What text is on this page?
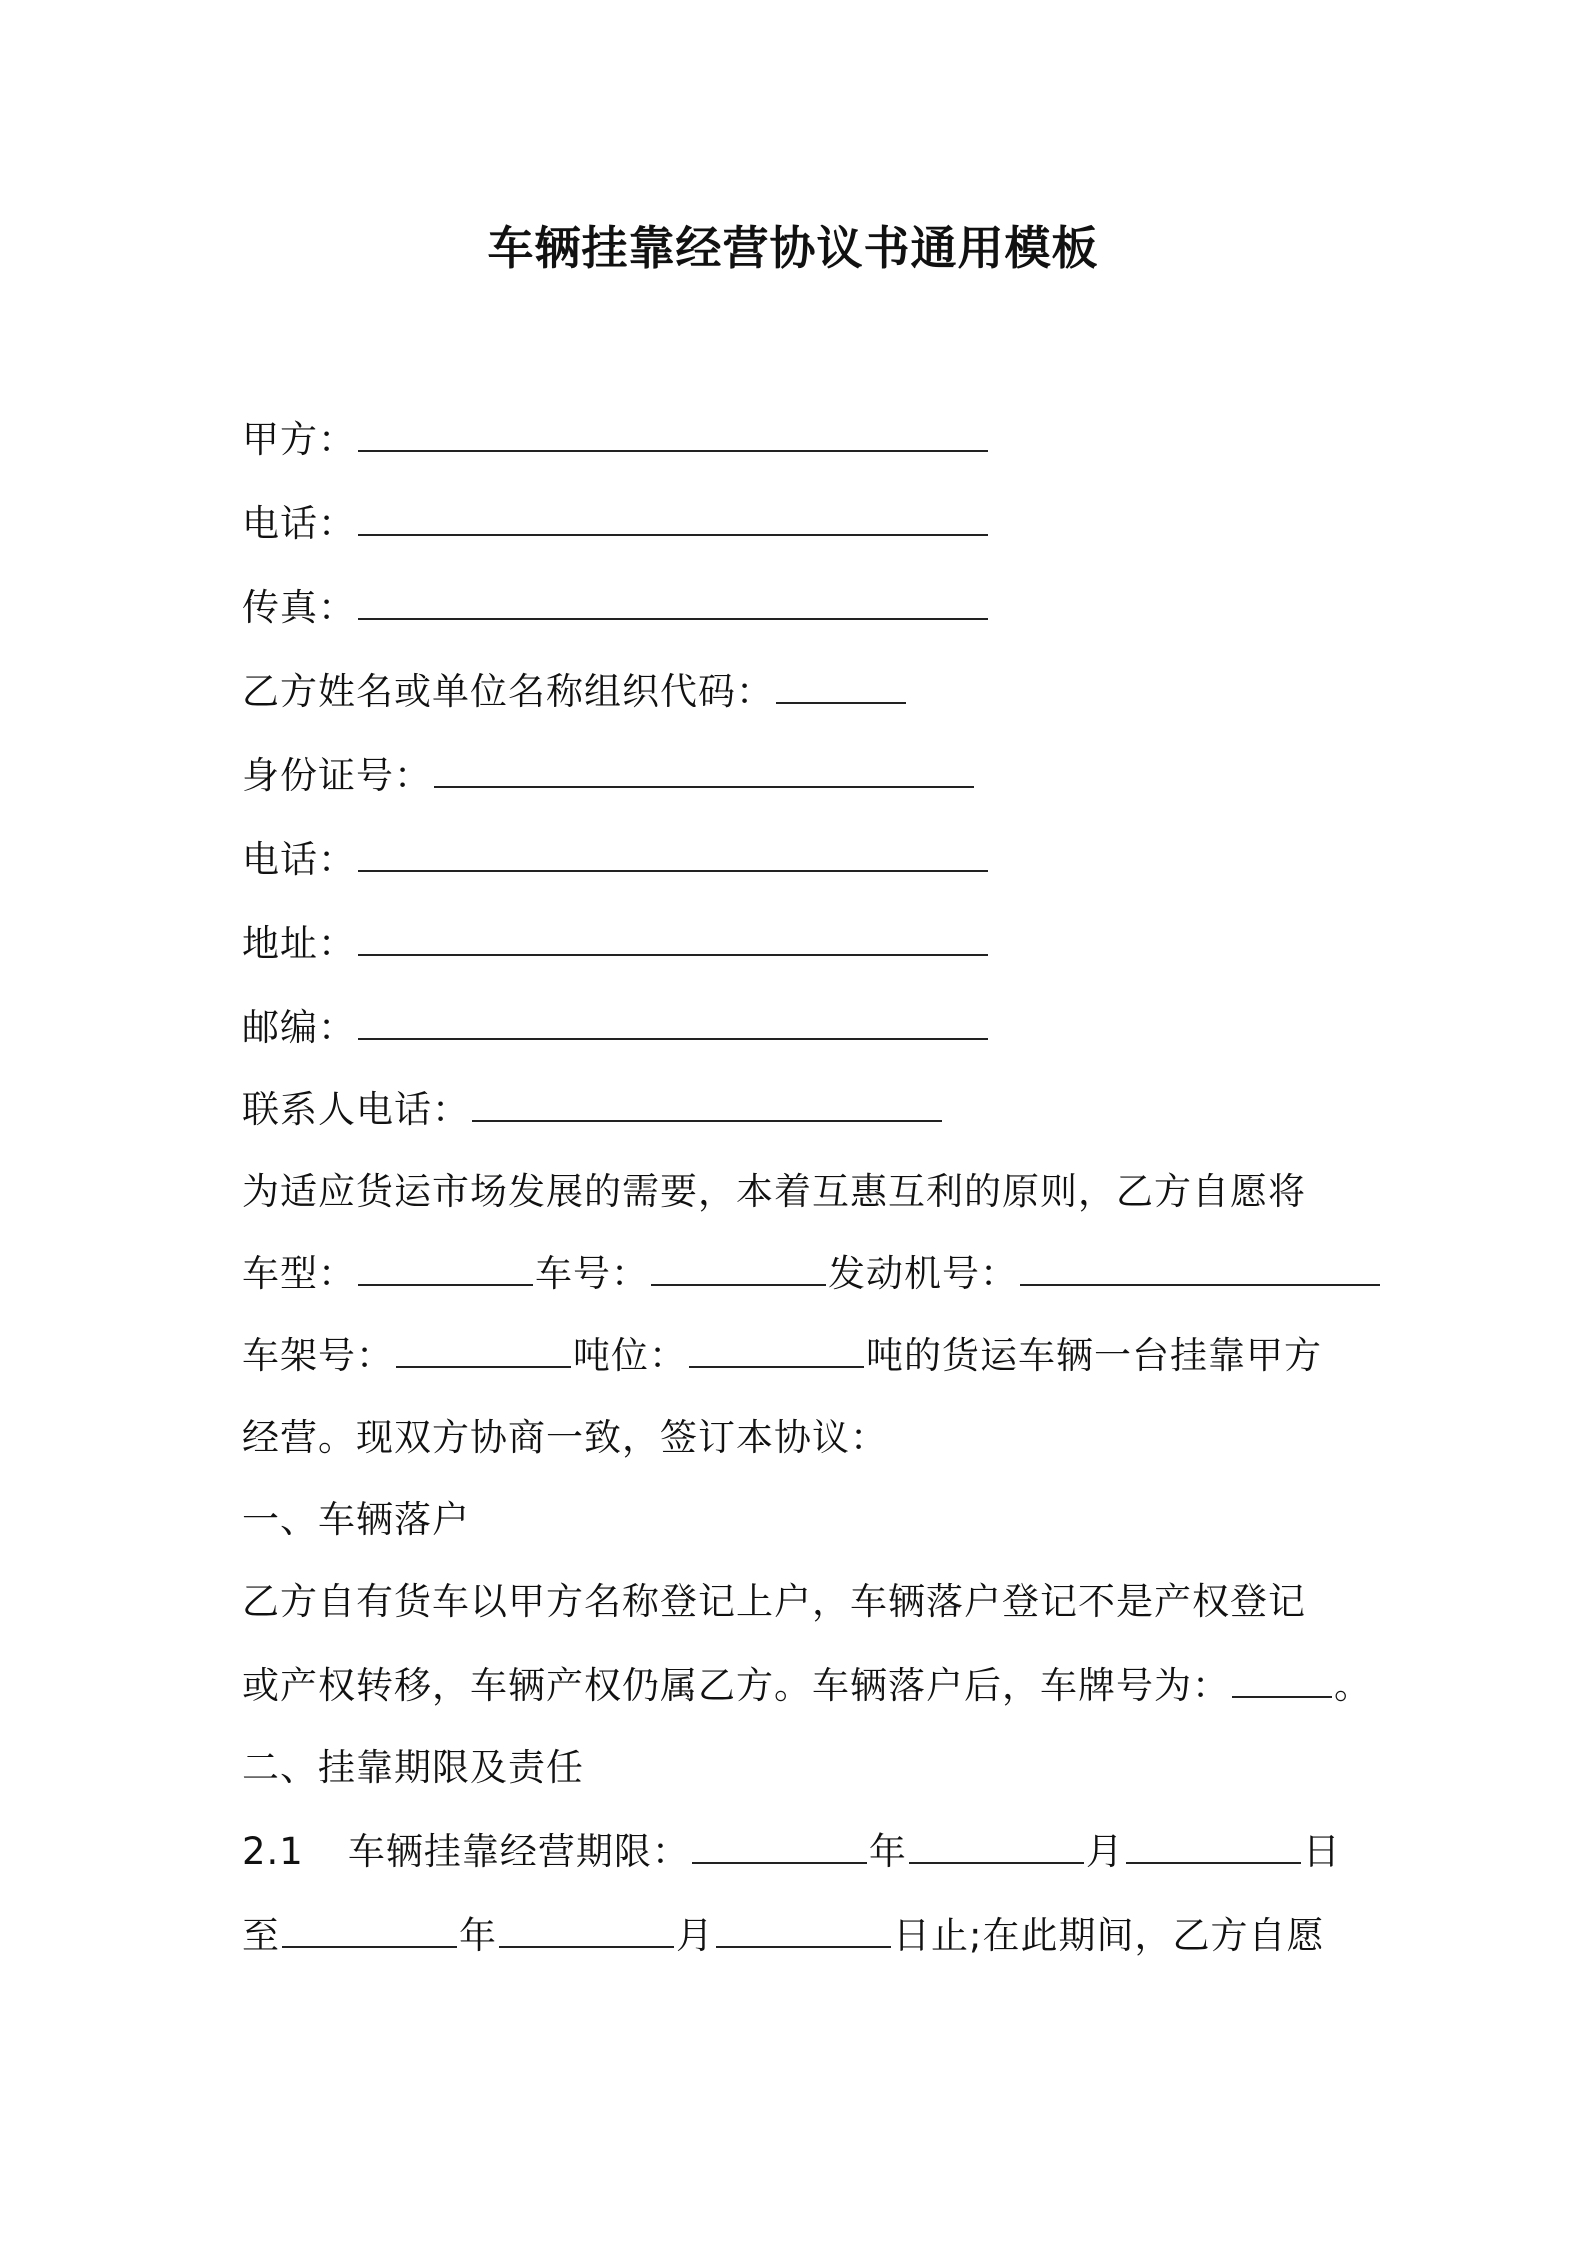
车辆挂靠经营协议书通用模板
甲方：
电话：
传真：
乙方姓名或单位名称组织代码：
身份证号：
电话：
地址：
邮编：
联系人电话：
为适应货运市场发展的需要，本着互惠互利的原则，乙方自愿将
车型：	车号：	发动机号：
车架号：	吨位：	吨的货运车辆一台挂靠甲方
经营。现双方协商一致，签订本协议：
一、车辆落户
乙方自有货车以甲方名称登记上户，车辆落户登记不是产权登记
或产权转移，车辆产权仍属乙方。车辆落户后，车牌号为：	。
二、挂靠期限及责任
2.1 车辆挂靠经营期限：	年	月	日
至	年	月	日止;在此期间，乙方自愿
